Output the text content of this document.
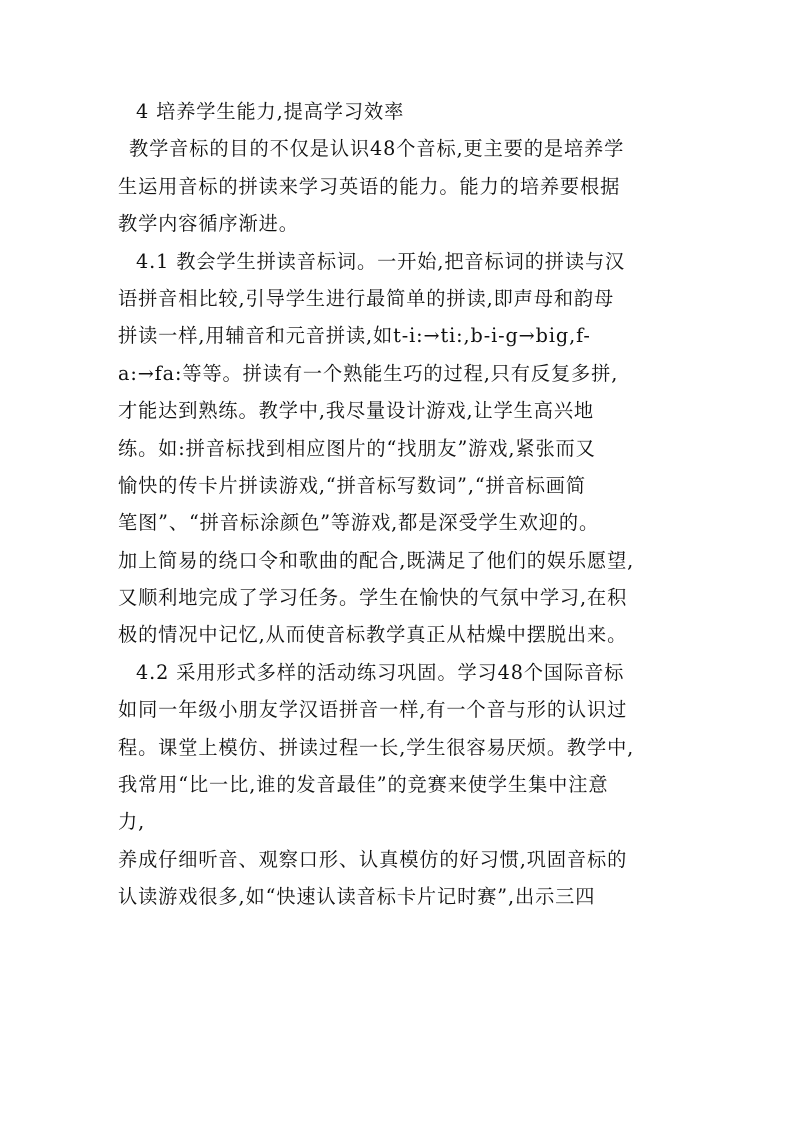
4 培养学生能力,提高学习效率
教学音标的目的不仅是认识48个音标,更主要的是培养学
生运用音标的拼读来学习英语的能力。能力的培养要根据
教学内容循序渐进。
4.1 教会学生拼读音标词。一开始,把音标词的拼读与汉
语拼音相比较,引导学生进行最简单的拼读,即声母和韵母
拼读一样,用辅音和元音拼读,如t-i:→ti:,b-i-g→big,f-
a:→fa:等等。拼读有一个熟能生巧的过程,只有反复多拼,
才能达到熟练。教学中,我尽量设计游戏,让学生高兴地
练。如:拼音标找到相应图片的“找朋友”游戏,紧张而又
愉快的传卡片拼读游戏,“拼音标写数词”,“拼音标画简
笔图”、“拼音标涂颜色”等游戏,都是深受学生欢迎的。
加上简易的绕口令和歌曲的配合,既满足了他们的娱乐愿望,
又顺利地完成了学习任务。学生在愉快的气氛中学习,在积
极的情况中记忆,从而使音标教学真正从枯燥中摆脱出来。
4.2 采用形式多样的活动练习巩固。学习48个国际音标
如同一年级小朋友学汉语拼音一样,有一个音与形的认识过
程。课堂上模仿、拼读过程一长,学生很容易厌烦。教学中,
我常用“比一比,谁的发音最佳”的竞赛来使学生集中注意
力,
养成仔细听音、观察口形、认真模仿的好习惯,巩固音标的
认读游戏很多,如“快速认读音标卡片记时赛”,出示三四
